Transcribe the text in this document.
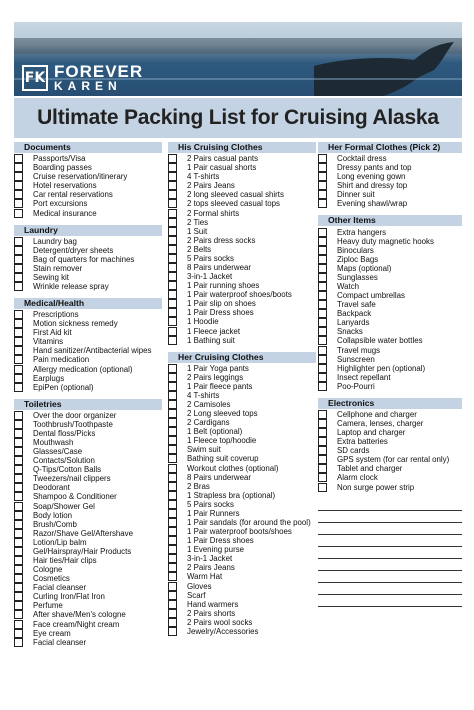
FK FOREVER
KAREN
Ultimate Packing List for Cruising Alaska
Documents
Passports/Visa
Boarding passes
Cruise reservation/itinerary
Hotel reservations
Car rental reservations
Port excursions
Medical insurance
Laundry
Laundry bag
Detergent/dryer sheets
Bag of quarters for machines
Stain remover
Sewing kit
Wrinkle release spray
Medical/Health
Prescriptions
Motion sickness remedy
First Aid kit
Vitamins
Hand sanitizer/Antibacterial wipes
Pain medication
Allergy medication (optional)
Earplugs
EpiPen (optional)
Toiletries
Over the door organizer
Toothbrush/Toothpaste
Dental floss/Picks
Mouthwash
Glasses/Case
Contacts/Solution
Q-Tips/Cotton Balls
Tweezers/nail clippers
Deodorant
Shampoo & Conditioner
Soap/Shower Gel
Body lotion
Brush/Comb
Razor/Shave Gel/Aftershave
Lotion/Lip balm
Gel/Hairspray/Hair Products
Hair ties/Hair clips
Cologne
Cosmetics
Facial cleanser
Curling Iron/Flat Iron
Perfume
After shave/Men's cologne
Face cream/Night cream
Eye cream
Facial cleanser
His Cruising Clothes
2 Pairs casual pants
1 Pair casual shorts
4 T-shirts
2 Pairs Jeans
2 long sleeved casual shirts
2 tops sleeved casual tops
2 Formal shirts
2 Ties
1 Suit
2 Pairs dress socks
2 Belts
5 Pairs socks
8 Pairs underwear
3-in-1 Jacket
1 Pair running shoes
1 Pair waterproof shoes/boots
1 Pair slip on shoes
1 Pair Dress shoes
1 Hoodie
1 Fleece jacket
1 Bathing suit
Her Cruising Clothes
1 Pair Yoga pants
2 Pairs leggings
1 Pair fleece pants
4 T-shirts
2 Camisoles
2 Long sleeved tops
2 Cardigans
1 Belt (optional)
1 Fleece top/hoodie
Swim suit
Bathing suit coverup
Workout clothes (optional)
8 Pairs underwear
2 Bras
1 Strapless bra (optional)
5 Pairs socks
1 Pair Runners
1 Pair sandals (for around the pool)
1 Pair waterproof boots/shoes
1 Pair Dress shoes
1 Evening purse
3-in-1 Jacket
2 Pairs Jeans
Warm Hat
Gloves
Scarf
Hand warmers
2 Pairs shorts
2 Pairs wool socks
Jewelry/Accessories
Her Formal Clothes (Pick 2)
Cocktail dress
Dressy pants and top
Long evening gown
Shirt and dressy top
Dinner suit
Evening shawl/wrap
Other Items
Extra hangers
Heavy duty magnetic hooks
Binoculars
Ziploc Bags
Maps (optional)
Sunglasses
Watch
Compact umbrellas
Travel safe
Backpack
Lanyards
Snacks
Collapsible water bottles
Travel mugs
Sunscreen
Highlighter pen (optional)
Insect repellant
Poo-Pourri
Electronics
Cellphone and charger
Camera, lenses, charger
Laptop and charger
Extra batteries
SD cards
GPS system (for car rental only)
Tablet and charger
Alarm clock
Non surge power strip
